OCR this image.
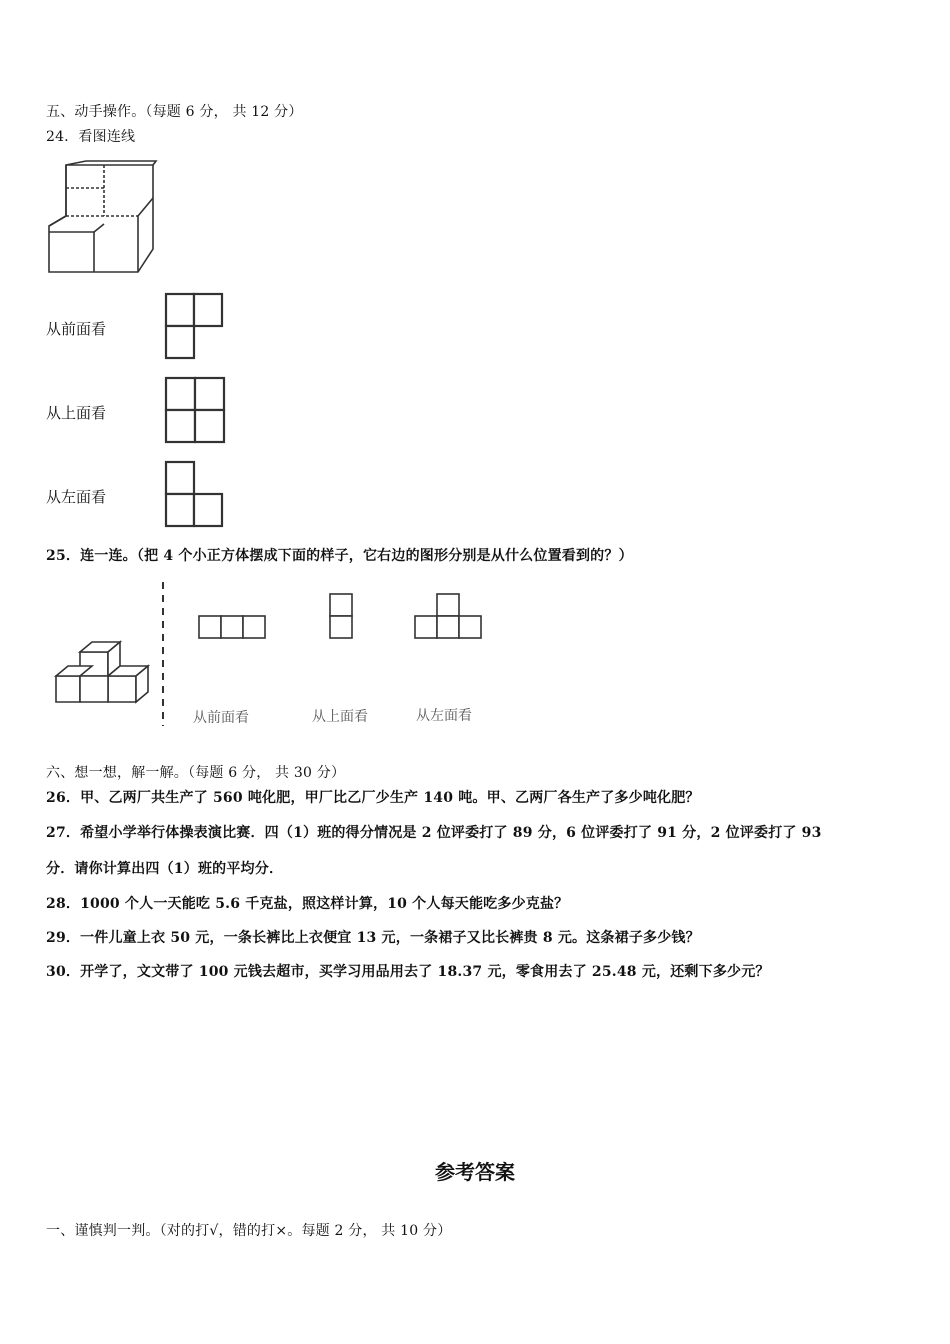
五、动手操作。（每题 6 分， 共 12 分）
24．看图连线
从前面看
从上面看
从左面看
25．连一连。（把 4 个小正方体摆成下面的样子，它右边的图形分别是从什么位置看到的？）
从前面看	从上面看	从左面看
六、想一想，解一解。（每题 6 分， 共 30 分）
26．甲、乙两厂共生产了 560 吨化肥，甲厂比乙厂少生产 140 吨。甲、乙两厂各生产了多少吨化肥？
27．希望小学举行体操表演比赛．四（1）班的得分情况是 2 位评委打了 89 分，6 位评委打了 91 分，2 位评委打了 93
分．请你计算出四（1）班的平均分．
28．1000 个人一天能吃 5.6 千克盐，照这样计算，10 个人每天能吃多少克盐？
29．一件儿童上衣 50 元，一条长裤比上衣便宜 13 元，一条裙子又比长裤贵 8 元。这条裙子多少钱？
30．开学了，文文带了 100 元钱去超市，买学习用品用去了 18.37 元，零食用去了 25.48 元，还剩下多少元？
参考答案
一、谨慎判一判。（对的打√，错的打×。每题 2 分， 共 10 分）
